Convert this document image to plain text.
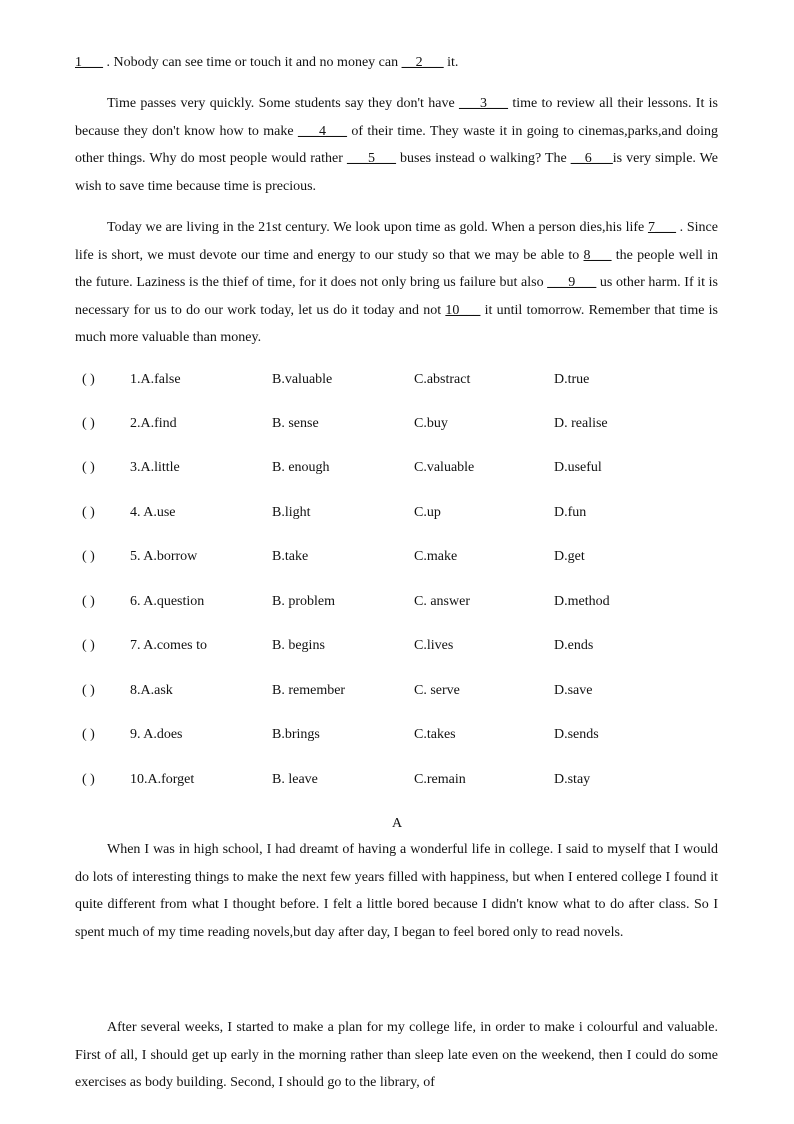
1___ . Nobody can see time or touch it and no money can __2___ it.
Time passes very quickly. Some students say they don't have ___3___ time to review all their lessons. It is because they don't know how to make ___4___ of their time. They waste it in going to cinemas,parks,and doing other things. Why do most people would rather ___5___ buses instead o walking? The __6___is very simple. We wish to save time because time is precious.
Today we are living in the 21st century. We look upon time as gold. When a person dies,his life 7___ . Since life is short, we must devote our time and energy to our study so that we may be able to 8___ the people well in the future. Laziness is the thief of time, for it does not only bring us failure but also ___9___ us other harm. If it is necessary for us to do our work today, let us do it today and not 10___ it until tomorrow. Remember that time is much more valuable than money.
( )	1.A.false	B.valuable	C.abstract	D.true
( )	2.A.find	B. sense	C.buy	D. realise
( )	3.A.little	B. enough	C.valuable	D.useful
( )	4. A.use	B.light	C.up	D.fun
( )	5. A.borrow	B.take	C.make	D.get
( )	6. A.question	B. problem	C. answer	D.method
( )	7. A.comes to	B. begins	C.lives	D.ends
( )	8.A.ask	B. remember	C. serve	D.save
( )	9. A.does	B.brings	C.takes	D.sends
( )	10.A.forget	B. leave	C.remain	D.stay
A
When I was in high school, I had dreamt of having a wonderful life in college. I said to myself that I would do lots of interesting things to make the next few years filled with happiness, but when I entered college I found it quite different from what I thought before. I felt a little bored because I didn't know what to do after class. So I spent much of my time reading novels,but day after day, I began to feel bored only to read novels.
After several weeks, I started to make a plan for my college life, in order to make i colourful and valuable. First of all, I should get up early in the morning rather than sleep late even on the weekend, then I could do some exercises as body building. Second, I should go to the library, of
